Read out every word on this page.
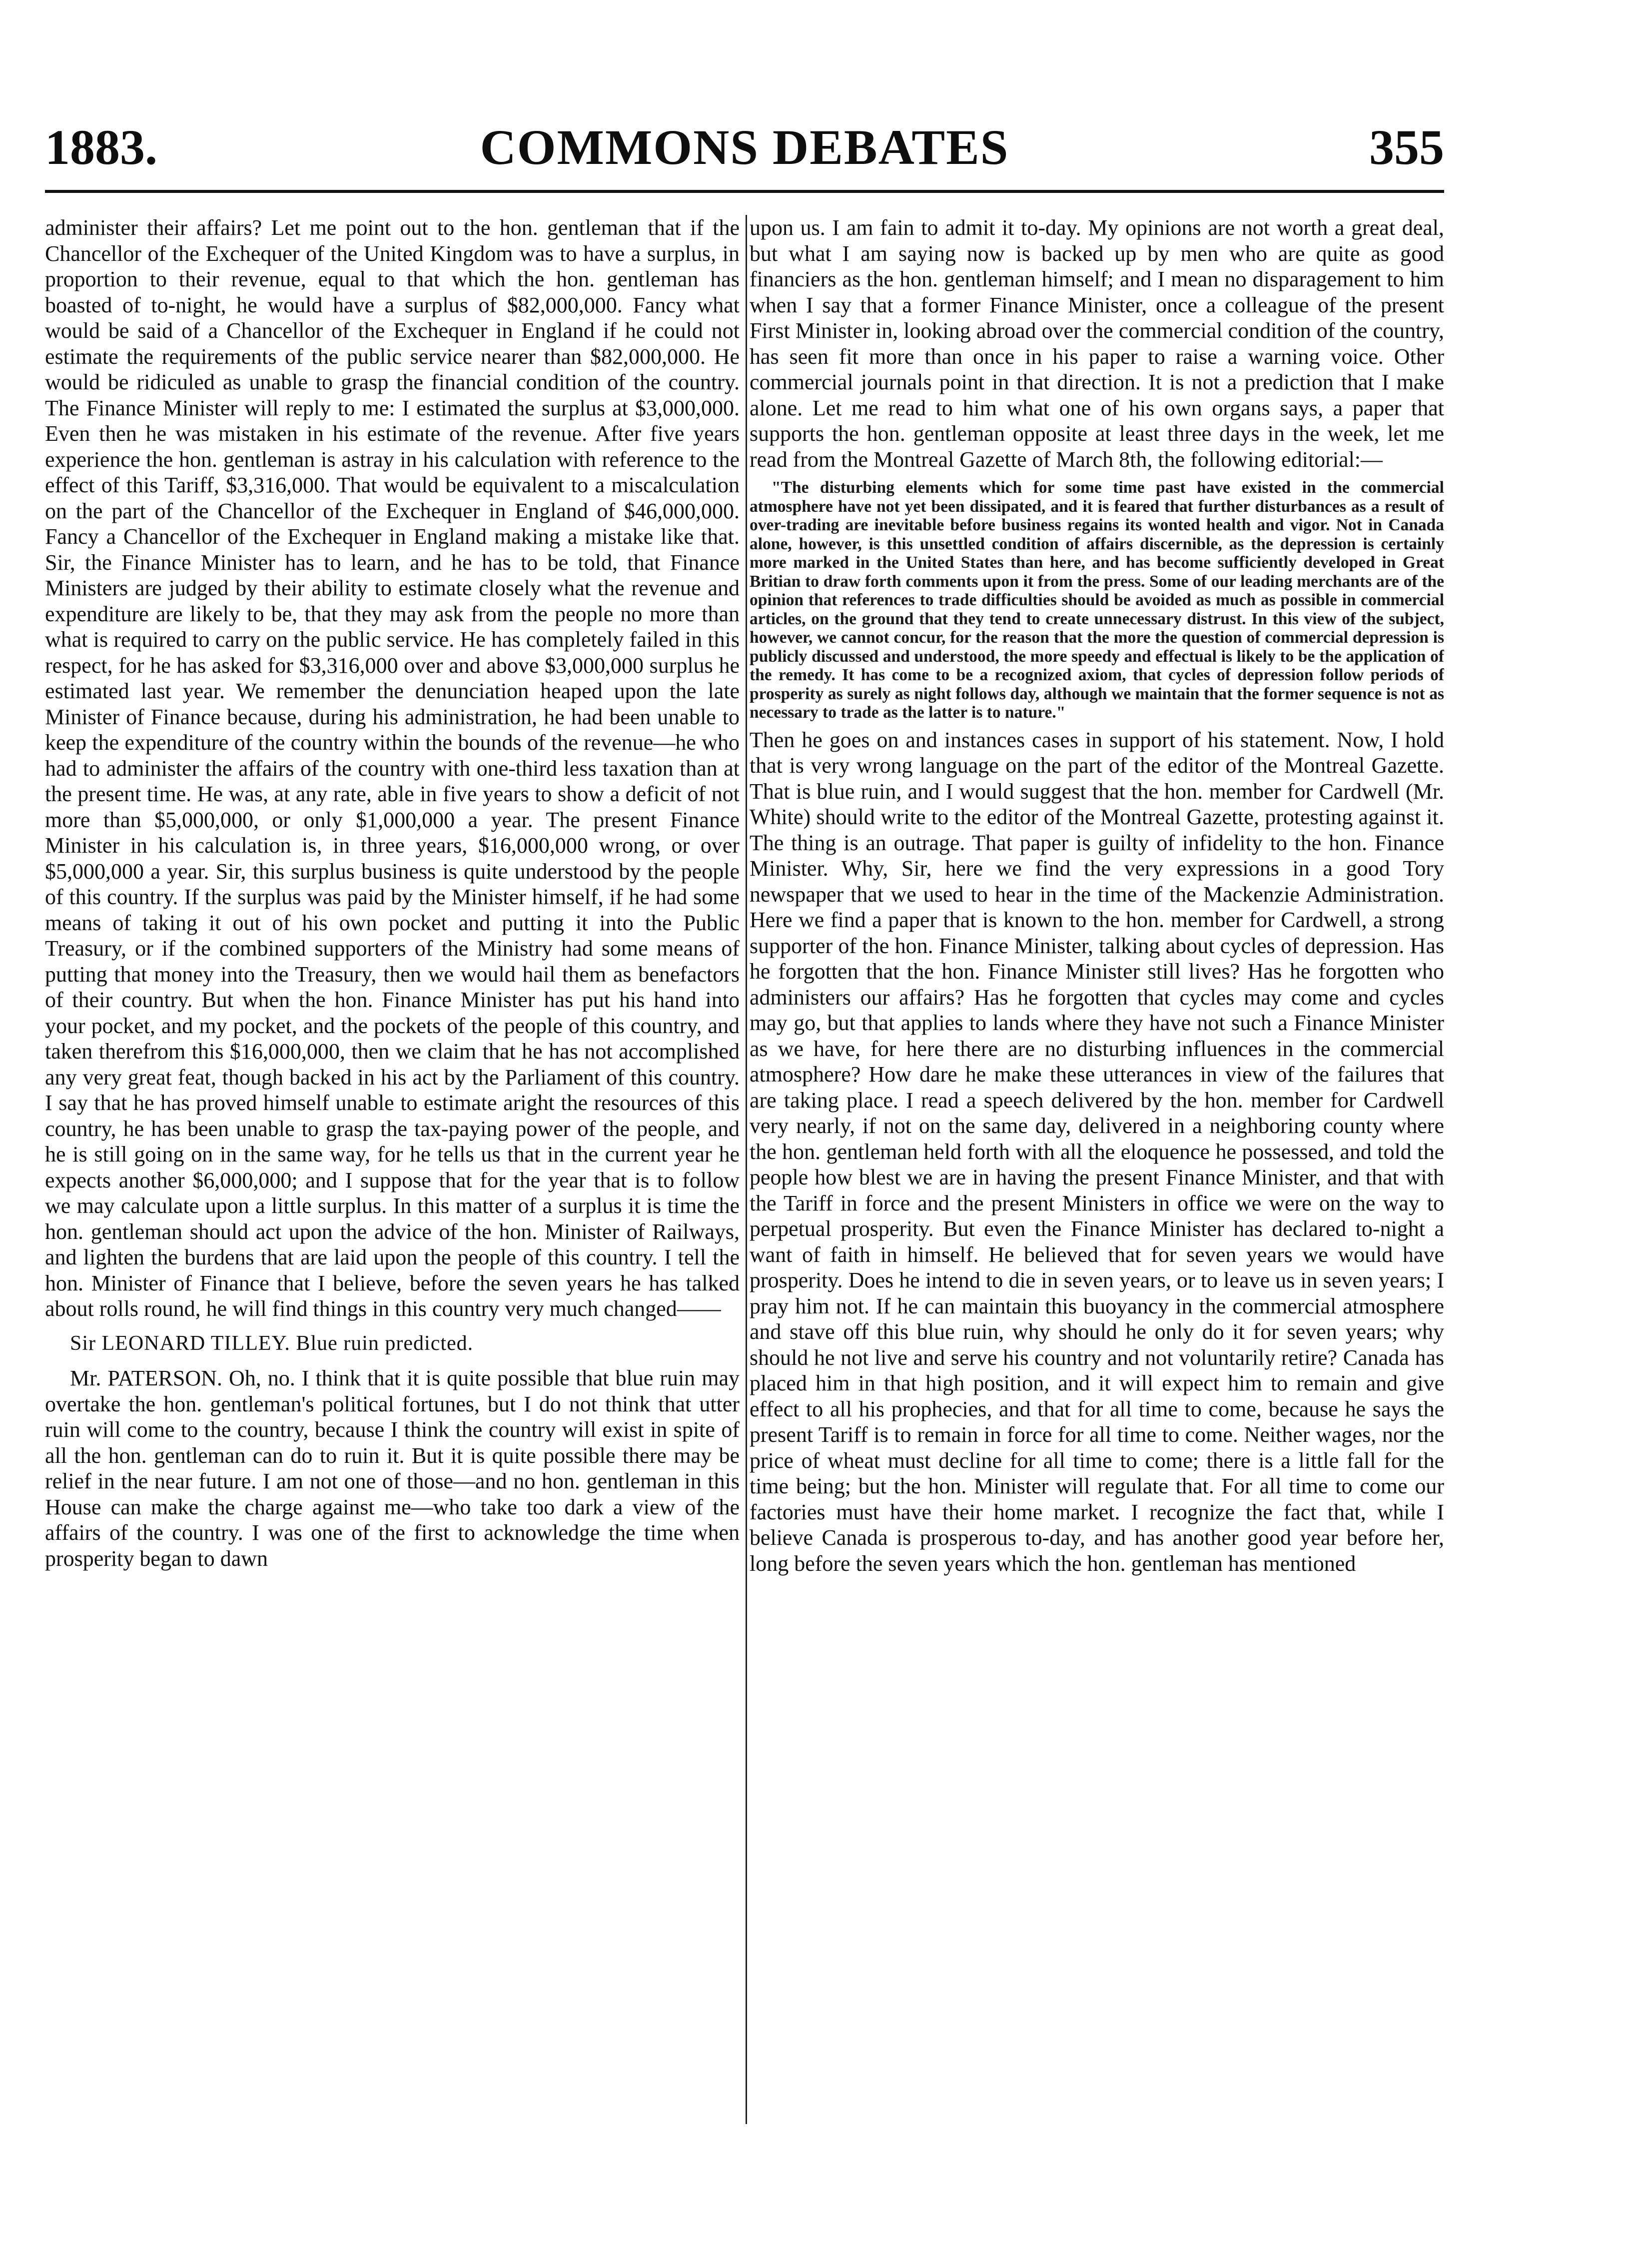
1883.	COMMONS DEBATES	355

administer their affairs? Let me point out to the hon. gentleman that if the Chancellor of the Exchequer of the United Kingdom was to have a surplus, in proportion to their revenue, equal to that which the hon. gentleman has boasted of to-night, he would have a surplus of $82,000,000. Fancy what would be said of a Chancellor of the Exchequer in England if he could not estimate the requirements of the public service nearer than $82,000,000. He would be ridiculed as unable to grasp the financial condition of the country. The Finance Minister will reply to me: I estimated the surplus at $3,000,000. Even then he was mistaken in his estimate of the revenue. After five years experience the hon. gentleman is astray in his calculation with reference to the effect of this Tariff, $3,316,000. That would be equivalent to a miscalculation on the part of the Chancellor of the Exchequer in England of $46,000,000. Fancy a Chancellor of the Exchequer in England making a mistake like that. Sir, the Finance Minister has to learn, and he has to be told, that Finance Ministers are judged by their ability to estimate closely what the revenue and expenditure are likely to be, that they may ask from the people no more than what is required to carry on the public service. He has completely failed in this respect, for he has asked for $3,316,000 over and above $3,000,000 surplus he estimated last year. We remember the denunciation heaped upon the late Minister of Finance because, during his administration, he had been unable to keep the expenditure of the country within the bounds of the revenue—he who had to administer the affairs of the country with one-third less taxation than at the present time. He was, at any rate, able in five years to show a deficit of not more than $5,000,000, or only $1,000,000 a year. The present Finance Minister in his calculation is, in three years, $16,000,000 wrong, or over $5,000,000 a year. Sir, this surplus business is quite understood by the people of this country. If the surplus was paid by the Minister himself, if he had some means of taking it out of his own pocket and putting it into the Public Treasury, or if the combined supporters of the Ministry had some means of putting that money into the Treasury, then we would hail them as benefactors of their country. But when the hon. Finance Minister has put his hand into your pocket, and my pocket, and the pockets of the people of this country, and taken therefrom this $16,000,000, then we claim that he has not accomplished any very great feat, though backed in his act by the Parliament of this country. I say that he has proved himself unable to estimate aright the resources of this country, he has been unable to grasp the tax-paying power of the people, and he is still going on in the same way, for he tells us that in the current year he expects another $6,000,000; and I suppose that for the year that is to follow we may calculate upon a little surplus. In this matter of a surplus it is time the hon. gentleman should act upon the advice of the hon. Minister of Railways, and lighten the burdens that are laid upon the people of this country. I tell the hon. Minister of Finance that I believe, before the seven years he has talked about rolls round, he will find things in this country very much changed——

Sir LEONARD TILLEY. Blue ruin predicted.

Mr. PATERSON. Oh, no. I think that it is quite possible that blue ruin may overtake the hon. gentleman's political fortunes, but I do not think that utter ruin will come to the country, because I think the country will exist in spite of all the hon. gentleman can do to ruin it. But it is quite possible there may be relief in the near future. I am not one of those—and no hon. gentleman in this House can make the charge against me—who take too dark a view of the affairs of the country. I was one of the first to acknowledge the time when prosperity began to dawn

upon us. I am fain to admit it to-day. My opinions are not worth a great deal, but what I am saying now is backed up by men who are quite as good financiers as the hon. gentleman himself; and I mean no disparagement to him when I say that a former Finance Minister, once a colleague of the present First Minister in, looking abroad over the commercial condition of the country, has seen fit more than once in his paper to raise a warning voice. Other commercial journals point in that direction. It is not a prediction that I make alone. Let me read to him what one of his own organs says, a paper that supports the hon. gentleman opposite at least three days in the week, let me read from the Montreal Gazette of March 8th, the following editorial:—

"The disturbing elements which for some time past have existed in the commercial atmosphere have not yet been dissipated, and it is feared that further disturbances as a result of over-trading are inevitable before business regains its wonted health and vigor. Not in Canada alone, however, is this unsettled condition of affairs discernible, as the depression is certainly more marked in the United States than here, and has become sufficiently developed in Great Britian to draw forth comments upon it from the press. Some of our leading merchants are of the opinion that references to trade difficulties should be avoided as much as possible in commercial articles, on the ground that they tend to create unnecessary distrust. In this view of the subject, however, we cannot concur, for the reason that the more the question of commercial depression is publicly discussed and understood, the more speedy and effectual is likely to be the application of the remedy. It has come to be a recognized axiom, that cycles of depression follow periods of prosperity as surely as night follows day, although we maintain that the former sequence is not as necessary to trade as the latter is to nature."

Then he goes on and instances cases in support of his statement. Now, I hold that is very wrong language on the part of the editor of the Montreal Gazette. That is blue ruin, and I would suggest that the hon. member for Cardwell (Mr. White) should write to the editor of the Montreal Gazette, protesting against it. The thing is an outrage. That paper is guilty of infidelity to the hon. Finance Minister. Why, Sir, here we find the very expressions in a good Tory newspaper that we used to hear in the time of the Mackenzie Administration. Here we find a paper that is known to the hon. member for Cardwell, a strong supporter of the hon. Finance Minister, talking about cycles of depression. Has he forgotten that the hon. Finance Minister still lives? Has he forgotten who administers our affairs? Has he forgotten that cycles may come and cycles may go, but that applies to lands where they have not such a Finance Minister as we have, for here there are no disturbing influences in the commercial atmosphere? How dare he make these utterances in view of the failures that are taking place. I read a speech delivered by the hon. member for Cardwell very nearly, if not on the same day, delivered in a neighboring county where the hon. gentleman held forth with all the eloquence he possessed, and told the people how blest we are in having the present Finance Minister, and that with the Tariff in force and the present Ministers in office we were on the way to perpetual prosperity. But even the Finance Minister has declared to-night a want of faith in himself. He believed that for seven years we would have prosperity. Does he intend to die in seven years, or to leave us in seven years; I pray him not. If he can maintain this buoyancy in the commercial atmosphere and stave off this blue ruin, why should he only do it for seven years; why should he not live and serve his country and not voluntarily retire? Canada has placed him in that high position, and it will expect him to remain and give effect to all his prophecies, and that for all time to come, because he says the present Tariff is to remain in force for all time to come. Neither wages, nor the price of wheat must decline for all time to come; there is a little fall for the time being; but the hon. Minister will regulate that. For all time to come our factories must have their home market. I recognize the fact that, while I believe Canada is prosperous to-day, and has another good year before her, long before the seven years which the hon. gentleman has mentioned
